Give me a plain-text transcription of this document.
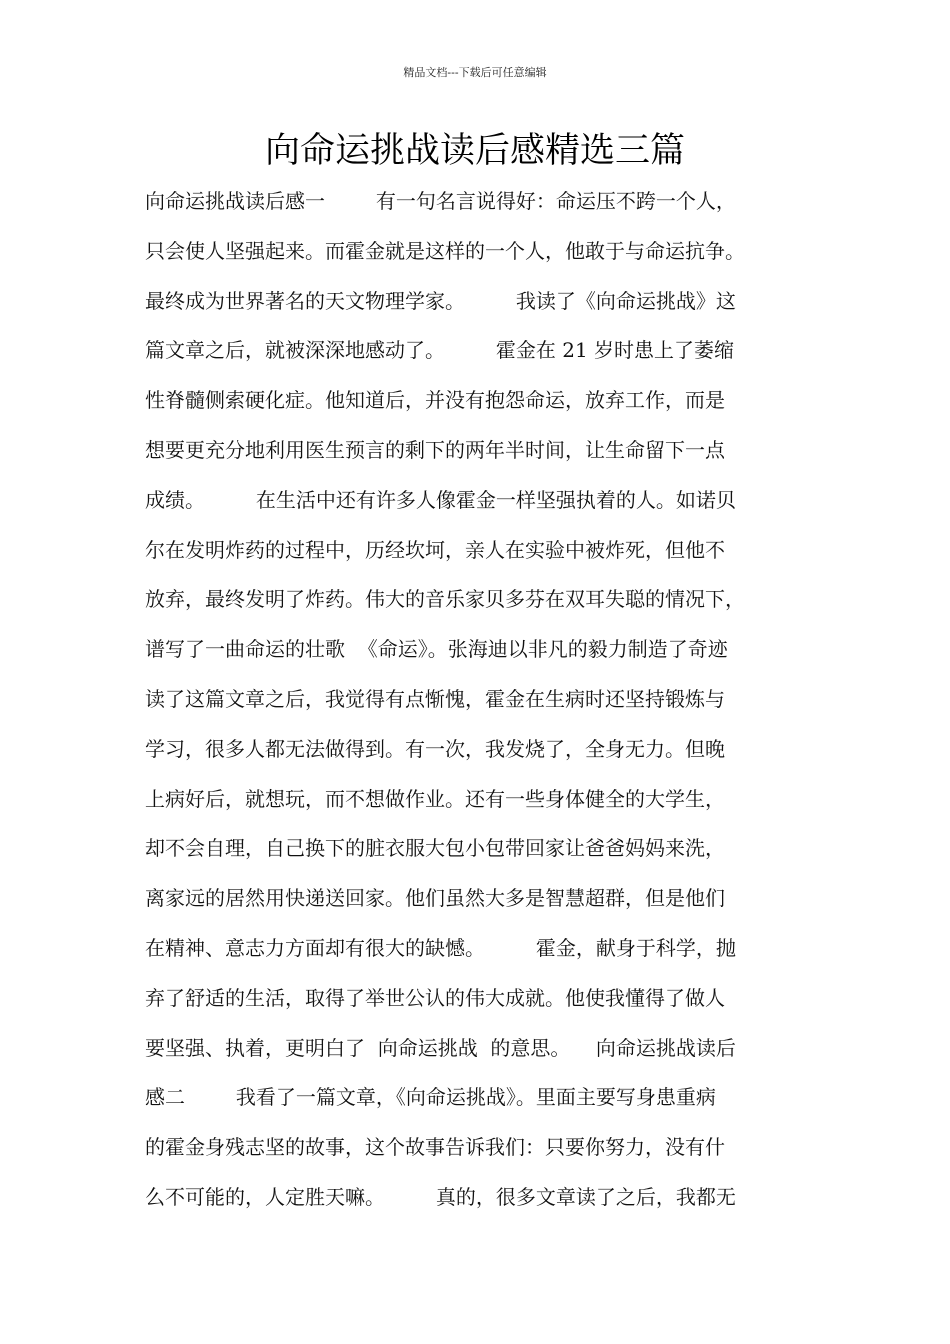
精品文档---下载后可任意编辑
向命运挑战读后感精选三篇
向命运挑战读后感一        有一句名言说得好：命运压不跨一个人，
只会使人坚强起来。而霍金就是这样的一个人，他敢于与命运抗争。
最终成为世界著名的天文物理学家。        我读了《向命运挑战》这
篇文章之后，就被深深地感动了。        霍金在 21 岁时患上了萎缩
性脊髓侧索硬化症。他知道后，并没有抱怨命运，放弃工作，而是
想要更充分地利用医生预言的剩下的两年半时间，让生命留下一点
成绩。        在生活中还有许多人像霍金一样坚强执着的人。如诺贝
尔在发明炸药的过程中，历经坎坷，亲人在实验中被炸死，但他不
放弃，最终发明了炸药。伟大的音乐家贝多芬在双耳失聪的情况下，
谱写了一曲命运的壮歌  《命运》。张海迪以非凡的毅力制造了奇迹
读了这篇文章之后，我觉得有点惭愧，霍金在生病时还坚持锻炼与
学习，很多人都无法做得到。有一次，我发烧了，全身无力。但晚
上病好后，就想玩，而不想做作业。还有一些身体健全的大学生，
却不会自理，自己换下的脏衣服大包小包带回家让爸爸妈妈来洗，
离家远的居然用快递送回家。他们虽然大多是智慧超群，但是他们
在精神、意志力方面却有很大的缺憾。        霍金，献身于科学，抛
弃了舒适的生活，取得了举世公认的伟大成就。他使我懂得了做人
要坚强、执着，更明白了  向命运挑战  的意思。    向命运挑战读后
感二        我看了一篇文章，《向命运挑战》。里面主要写身患重病
的霍金身残志坚的故事，这个故事告诉我们：只要你努力，没有什
么不可能的，人定胜天嘛。        真的，很多文章读了之后，我都无
